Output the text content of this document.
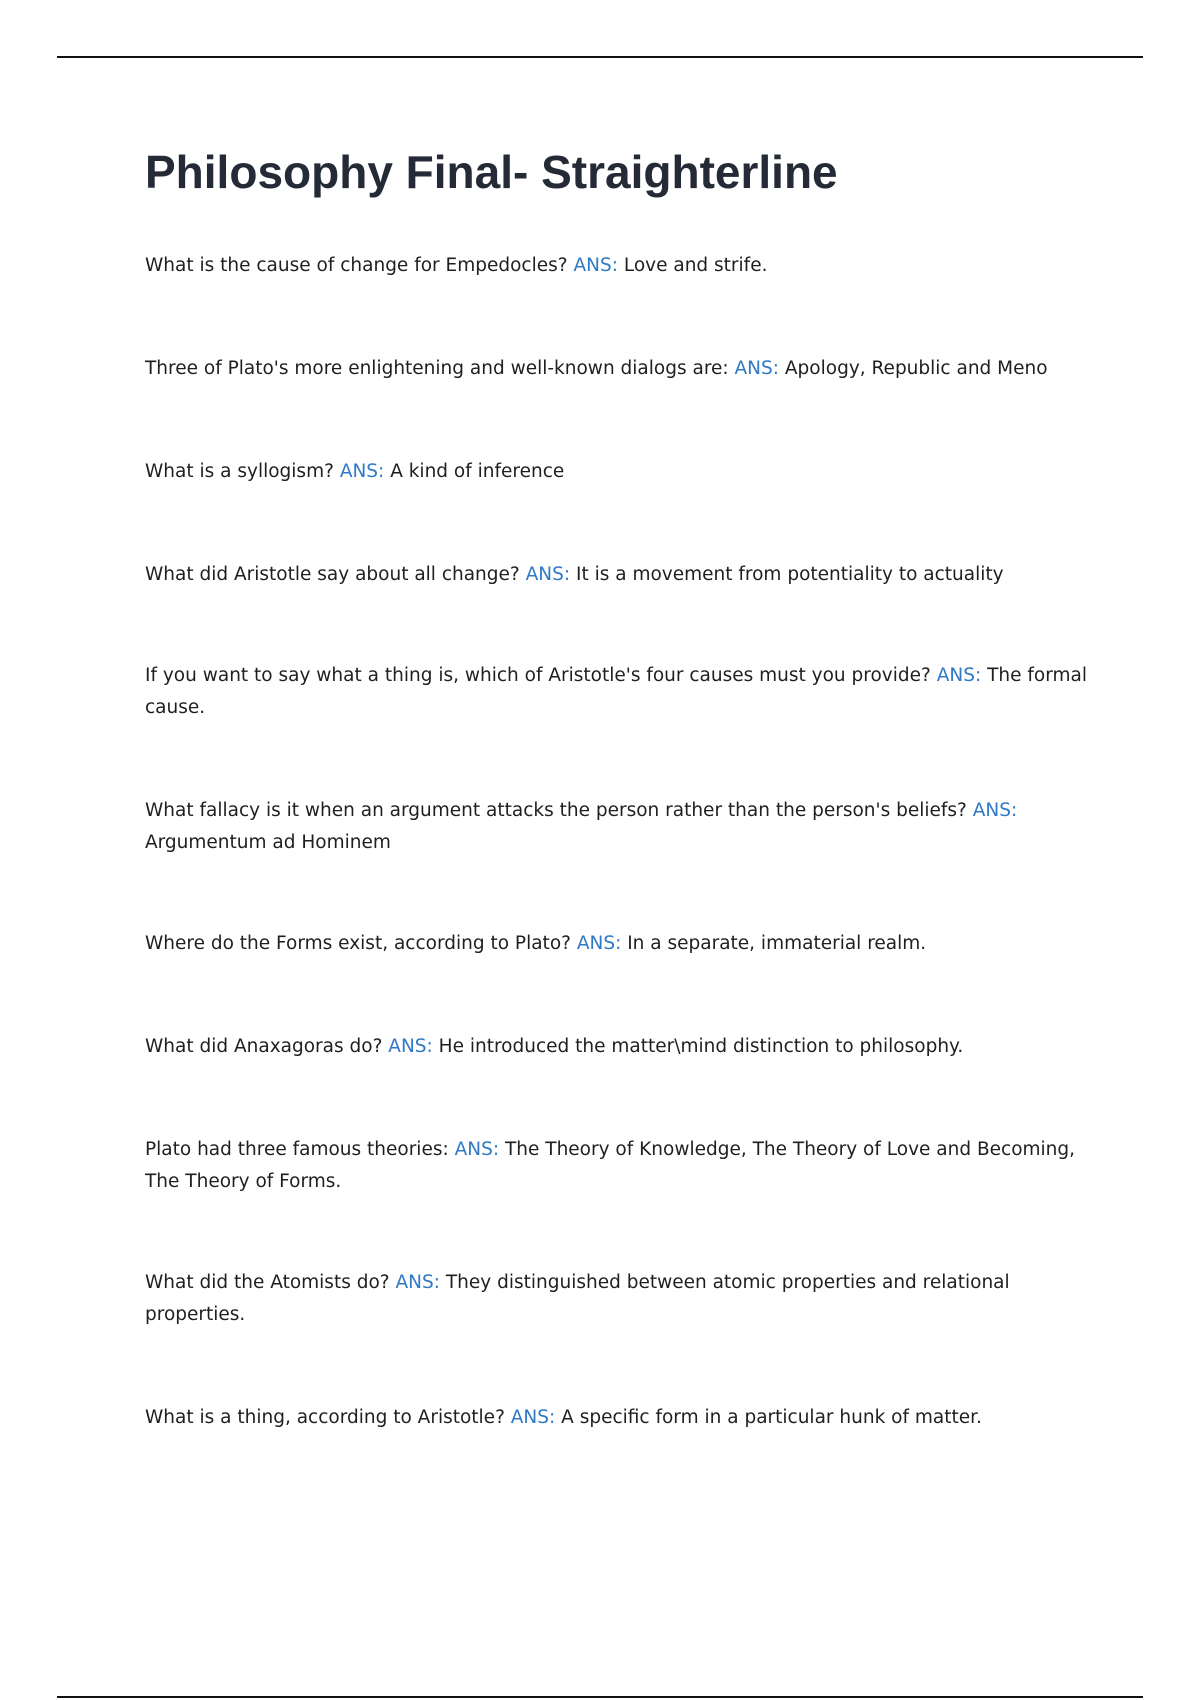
Philosophy Final- Straighterline

What is the cause of change for Empedocles? ANS: Love and strife.

Three of Plato's more enlightening and well-known dialogs are: ANS: Apology, Republic and Meno

What is a syllogism? ANS: A kind of inference

What did Aristotle say about all change? ANS: It is a movement from potentiality to actuality

If you want to say what a thing is, which of Aristotle's four causes must you provide? ANS: The formal cause.

What fallacy is it when an argument attacks the person rather than the person's beliefs? ANS: Argumentum ad Hominem

Where do the Forms exist, according to Plato? ANS: In a separate, immaterial realm.

What did Anaxagoras do? ANS: He introduced the matter\mind distinction to philosophy.

Plato had three famous theories: ANS: The Theory of Knowledge, The Theory of Love and Becoming, The Theory of Forms.

What did the Atomists do? ANS: They distinguished between atomic properties and relational properties.

What is a thing, according to Aristotle? ANS: A specific form in a particular hunk of matter.
